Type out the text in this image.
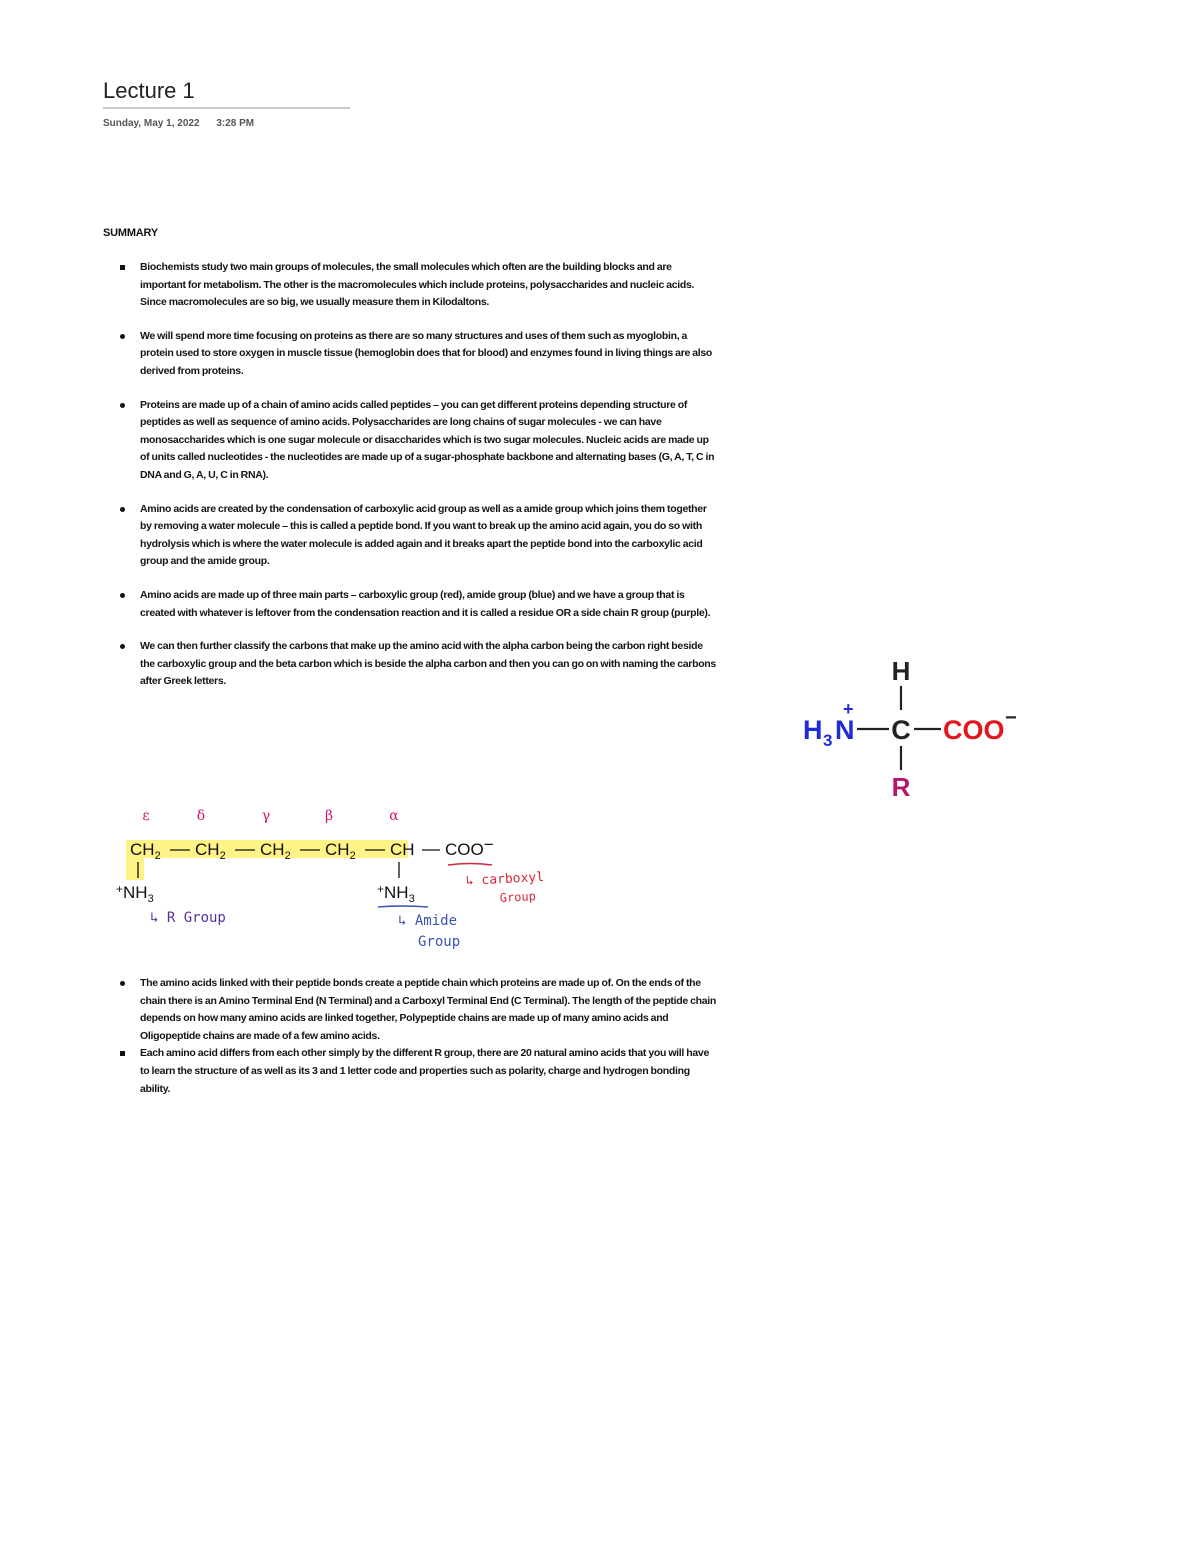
Lecture 1
Sunday, May 1, 2022 3:28 PM
SUMMARY
Biochemists study two main groups of molecules, the small molecules which often are the building blocks and are important for metabolism. The other is the macromolecules which include proteins, polysaccharides and nucleic acids. Since macromolecules are so big, we usually measure them in Kilodaltons.
We will spend more time focusing on proteins as there are so many structures and uses of them such as myoglobin, a protein used to store oxygen in muscle tissue (hemoglobin does that for blood) and enzymes found in living things are also derived from proteins.
Proteins are made up of a chain of amino acids called peptides – you can get different proteins depending structure of peptides as well as sequence of amino acids. Polysaccharides are long chains of sugar molecules - we can have monosaccharides which is one sugar molecule or disaccharides which is two sugar molecules. Nucleic acids are made up of units called nucleotides - the nucleotides are made up of a sugar-phosphate backbone and alternating bases (G, A, T, C in DNA and G, A, U, C in RNA).
Amino acids are created by the condensation of carboxylic acid group as well as a amide group which joins them together by removing a water molecule – this is called a peptide bond. If you want to break up the amino acid again, you do so with hydrolysis which is where the water molecule is added again and it breaks apart the peptide bond into the carboxylic acid group and the amide group.
Amino acids are made up of three main parts – carboxylic group (red), amide group (blue) and we have a group that is created with whatever is leftover from the condensation reaction and it is called a residue OR a side chain R group (purple).
We can then further classify the carbons that make up the amino acid with the alpha carbon being the carbon right beside the carboxylic group and the beta carbon which is beside the alpha carbon and then you can go on with naming the carbons after Greek letters.	H
H 3 N
+
C COO −
R
ε	δ	γ	β	α
$CH_2$ $CH_2$ $CH_2$ $CH_2$ CH COO−
$^+NH_3$
$^+NH_3$
↳ carboxyl
Group
↳ R Group	↳ Amide
Group
The amino acids linked with their peptide bonds create a peptide chain which proteins are made up of. On the ends of the chain there is an Amino Terminal End (N Terminal) and a Carboxyl Terminal End (C Terminal). The length of the peptide chain depends on how many amino acids are linked together, Polypeptide chains are made up of many amino acids and Oligopeptide chains are made of a few amino acids.
Each amino acid differs from each other simply by the different R group, there are 20 natural amino acids that you will have to learn the structure of as well as its 3 and 1 letter code and properties such as polarity, charge and hydrogen bonding ability.
